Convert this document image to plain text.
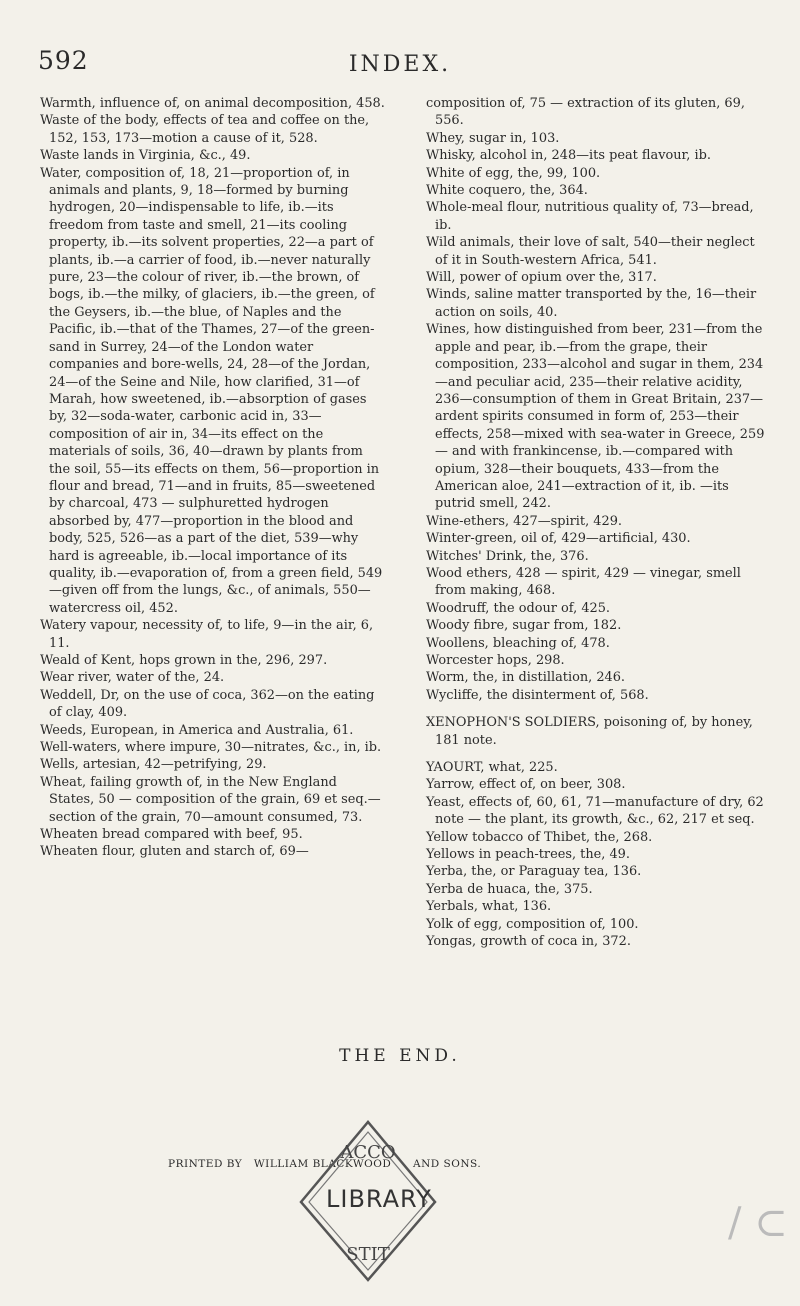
592	INDEX.

Warmth, influence of, on animal decomposition, 458.

Waste of the body, effects of tea and coffee on the, 152, 153, 173—motion a cause of it, 528.

Waste lands in Virginia, &c., 49.

Water, composition of, 18, 21—proportion of, in animals and plants, 9, 18—formed by burning hydrogen, 20—indispensable to life, ib.—its freedom from taste and smell, 21—its cooling property, ib.—its solvent properties, 22—a part of plants, ib.—a carrier of food, ib.—never naturally pure, 23—the colour of river, ib.—the brown, of bogs, ib.—the milky, of glaciers, ib.—the green, of the Geysers, ib.—the blue, of Naples and the Pacific, ib.—that of the Thames, 27—of the green-sand in Surrey, 24—of the London water companies and bore-wells, 24, 28—of the Jordan, 24—of the Seine and Nile, how clarified, 31—of Marah, how sweetened, ib.—absorption of gases by, 32—soda-water, carbonic acid in, 33—composition of air in, 34—its effect on the materials of soils, 36, 40—drawn by plants from the soil, 55—its effects on them, 56—proportion in flour and bread, 71—and in fruits, 85—sweetened by charcoal, 473 — sulphuretted hydrogen absorbed by, 477—proportion in the blood and body, 525, 526—as a part of the diet, 539—why hard is agreeable, ib.—local importance of its quality, ib.—evaporation of, from a green field, 549—given off from the lungs, &c., of animals, 550—watercress oil, 452.

Watery vapour, necessity of, to life, 9—in the air, 6, 11.

Weald of Kent, hops grown in the, 296, 297.

Wear river, water of the, 24.

Weddell, Dr, on the use of coca, 362—on the eating of clay, 409.

Weeds, European, in America and Australia, 61.

Well-waters, where impure, 30—nitrates, &c., in, ib.

Wells, artesian, 42—petrifying, 29.

Wheat, failing growth of, in the New England States, 50 — composition of the grain, 69 et seq.—section of the grain, 70—amount consumed, 73.

Wheaten bread compared with beef, 95.

Wheaten flour, gluten and starch of, 69—

composition of, 75 — extraction of its gluten, 69, 556.

Whey, sugar in, 103.

Whisky, alcohol in, 248—its peat flavour, ib.

White of egg, the, 99, 100.

White coquero, the, 364.

Whole-meal flour, nutritious quality of, 73—bread, ib.

Wild animals, their love of salt, 540—their neglect of it in South-western Africa, 541.

Will, power of opium over the, 317.

Winds, saline matter transported by the, 16—their action on soils, 40.

Wines, how distinguished from beer, 231—from the apple and pear, ib.—from the grape, their composition, 233—alcohol and sugar in them, 234—and peculiar acid, 235—their relative acidity, 236—consumption of them in Great Britain, 237—ardent spirits consumed in form of, 253—their effects, 258—mixed with sea-water in Greece, 259 — and with frankincense, ib.—compared with opium, 328—their bouquets, 433—from the American aloe, 241—extraction of it, ib. —its putrid smell, 242.

Wine-ethers, 427—spirit, 429.

Winter-green, oil of, 429—artificial, 430.

Witches' Drink, the, 376.

Wood ethers, 428 — spirit, 429 — vinegar, smell from making, 468.

Woodruff, the odour of, 425.

Woody fibre, sugar from, 182.

Woollens, bleaching of, 478.

Worcester hops, 298.

Worm, the, in distillation, 246.

Wycliffe, the disinterment of, 568.

XENOPHON'S SOLDIERS, poisoning of, by honey, 181 note.

YAOURT, what, 225.

Yarrow, effect of, on beer, 308.

Yeast, effects of, 60, 61, 71—manufacture of dry, 62 note — the plant, its growth, &c., 62, 217 et seq.

Yellow tobacco of Thibet, the, 268.

Yellows in peach-trees, the, 49.

Yerba, the, or Paraguay tea, 136.

Yerba de huaca, the, 375.

Yerbals, what, 136.

Yolk of egg, composition of, 100.

Yongas, growth of coca in, 372.

THE END.
PRINTED BY WILLIAM BLACKWOOD AND SONS.
ACCO
STIT
LIBRARY
/ ⊂
